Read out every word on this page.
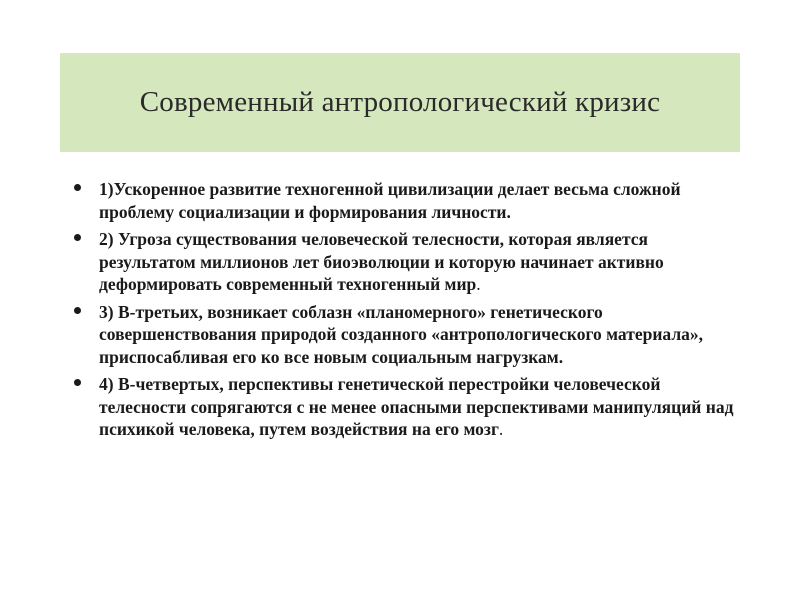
Современный антропологический кризис
1)Ускоренное развитие техногенной цивилизации делает весьма сложной проблему социализации и формирования личности.
2) Угроза существования человеческой телесности, которая является результатом миллионов лет биоэволюции и которую начинает активно деформировать современный техногенный мир.
3) В-третьих, возникает соблазн «планомерного» генетического совершенствования природой созданного «антропологического материала», приспосабливая его ко все новым социальным нагрузкам.
4) В-четвертых, перспективы генетической перестройки человеческой телесности сопрягаются с не менее опасными перспективами манипуляций над психикой человека, путем воздействия на его мозг.
